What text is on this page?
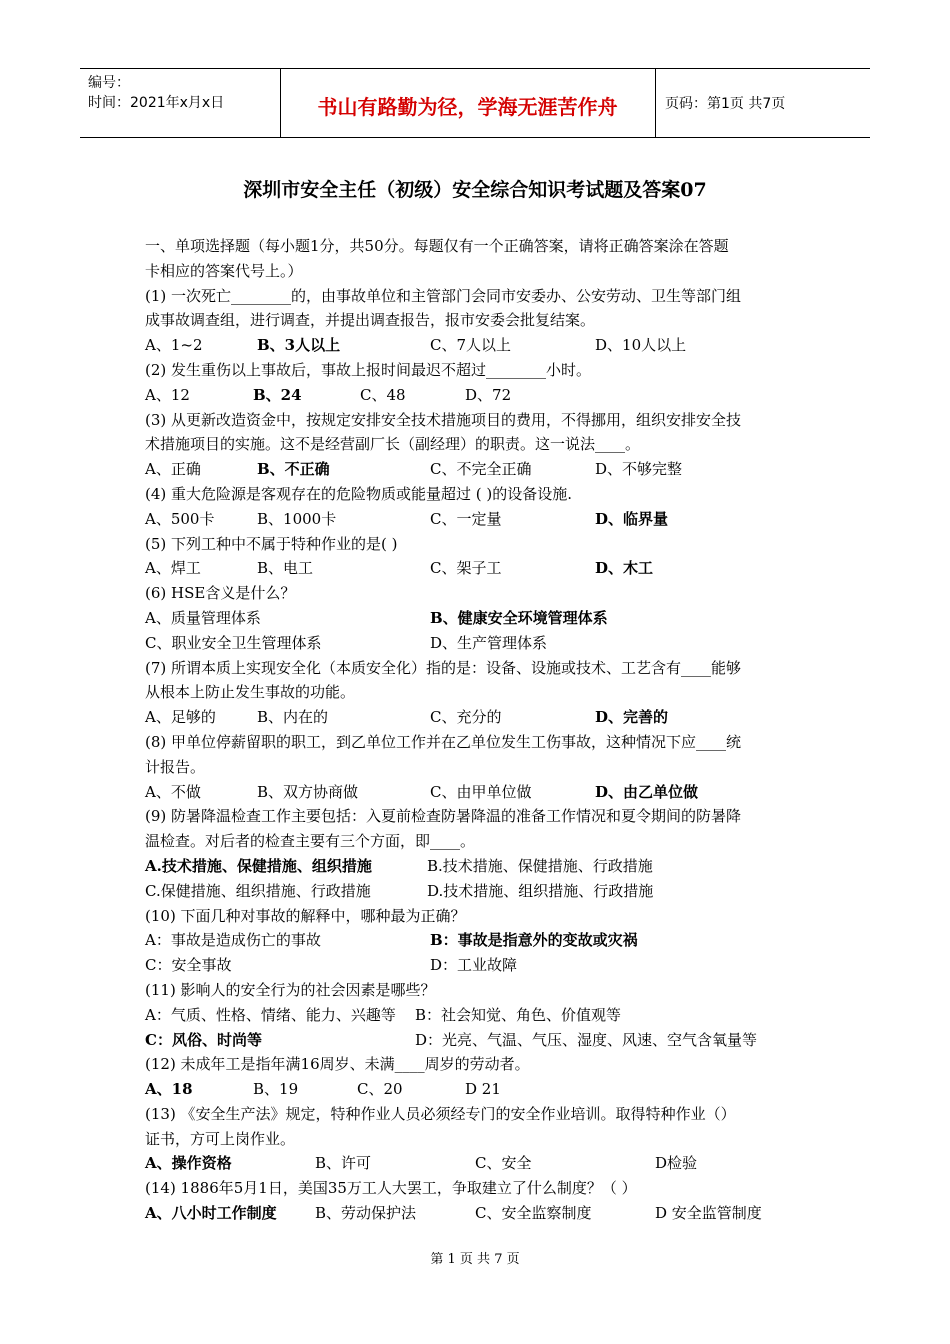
编号：
时间：2021年x月x日	书山有路勤为径，学海无涯苦作舟	页码：第1页 共7页
深圳市安全主任（初级）安全综合知识考试题及答案07
一、单项选择题（每小题1分，共50分。每题仅有一个正确答案，请将正确答案涂在答题
卡相应的答案代号上。）
(1) 一次死亡________的，由事故单位和主管部门会同市安委办、公安劳动、卫生等部门组
成事故调查组，进行调查，并提出调查报告，报市安委会批复结案。
A、1~2	B、3人以上	C、7人以上	D、10人以上
(2) 发生重伤以上事故后，事故上报时间最迟不超过________小时。
A、12	B、24	C、48	D、72
(3) 从更新改造资金中，按规定安排安全技术措施项目的费用，不得挪用，组织安排安全技
术措施项目的实施。这不是经营副厂长（副经理）的职责。这一说法____。
A、正确	B、不正确	C、不完全正确	D、不够完整
(4) 重大危险源是客观存在的危险物质或能量超过 ( )的设备设施.
A、500卡	B、1000卡	C、一定量	D、临界量
(5) 下列工种中不属于特种作业的是( )
A、焊工	B、电工	C、架子工	D、木工
(6) HSE含义是什么？
A、质量管理体系	B、健康安全环境管理体系
C、职业安全卫生管理体系	D、生产管理体系
(7) 所谓本质上实现安全化（本质安全化）指的是：设备、设施或技术、工艺含有____能够
从根本上防止发生事故的功能。
A、足够的	B、内在的	C、充分的	D、完善的
(8) 甲单位停薪留职的职工，到乙单位工作并在乙单位发生工伤事故，这种情况下应____统
计报告。
A、不做	B、双方协商做	C、由甲单位做	D、由乙单位做
(9) 防暑降温检查工作主要包括：入夏前检查防暑降温的准备工作情况和夏令期间的防暑降
温检查。对后者的检查主要有三个方面，即____。
A.技术措施、保健措施、组织措施	B.技术措施、保健措施、行政措施
C.保健措施、组织措施、行政措施	D.技术措施、组织措施、行政措施
(10) 下面几种对事故的解释中，哪种最为正确？
A：事故是造成伤亡的事故	B：事故是指意外的变故或灾祸
C：安全事故	D：工业故障
(11) 影响人的安全行为的社会因素是哪些？
A：气质、性格、情绪、能力、兴趣等 B：社会知觉、角色、价值观等
C：风俗、时尚等	D：光亮、气温、气压、湿度、风速、空气含氧量等
(12) 未成年工是指年满16周岁、未满____周岁的劳动者。
A、18	B、19	C、20	D 21
(13) 《安全生产法》规定，特种作业人员必须经专门的安全作业培训。取得特种作业（）
证书，方可上岗作业。
A、操作资格	B、许可	C、安全	D检验
(14) 1886年5月1日，美国35万工人大罢工，争取建立了什么制度？（ ）
A、八小时工作制度	B、劳动保护法	C、安全监察制度	D 安全监管制度
第 1 页 共 7 页
